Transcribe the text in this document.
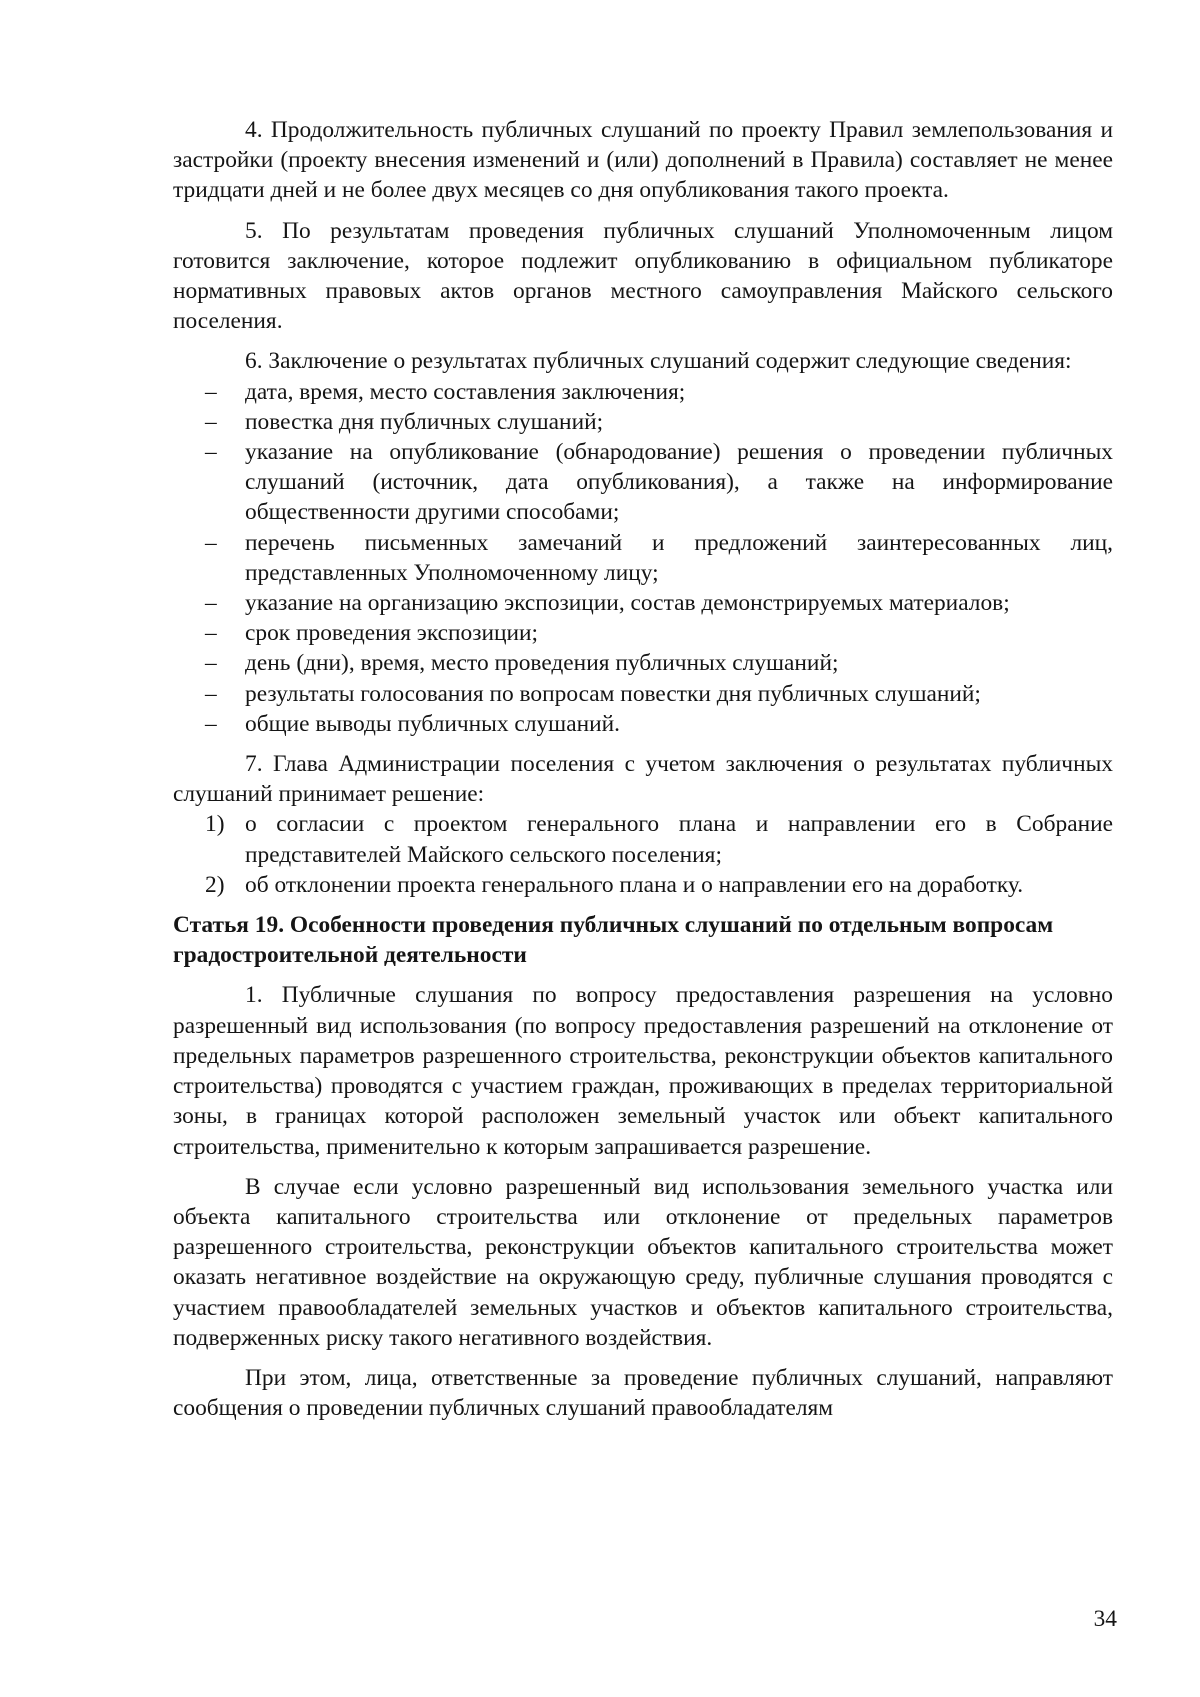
4. Продолжительность публичных слушаний по проекту Правил землепользования и застройки (проекту внесения изменений и (или) дополнений в Правила) составляет не менее тридцати дней и не более двух месяцев со дня опубликования такого проекта.

5. По результатам проведения публичных слушаний Уполномоченным лицом готовится заключение, которое подлежит опубликованию в официальном публикаторе нормативных правовых актов органов местного самоуправления Майского сельского поселения.

6. Заключение о результатах публичных слушаний содержит следующие сведения:

– дата, время, место составления заключения;
– повестка дня публичных слушаний;
– указание на опубликование (обнародование) решения о проведении публичных слушаний (источник, дата опубликования), а также на информирование общественности другими способами;
– перечень письменных замечаний и предложений заинтересованных лиц, представленных Уполномоченному лицу;
– указание на организацию экспозиции, состав демонстрируемых материалов;
– срок проведения экспозиции;
– день (дни), время, место проведения публичных слушаний;
– результаты голосования по вопросам повестки дня публичных слушаний;
– общие выводы публичных слушаний.

7. Глава Администрации поселения с учетом заключения о результатах публичных слушаний принимает решение:

1) о согласии с проектом генерального плана и направлении его в Собрание представителей Майского сельского поселения;
2) об отклонении проекта генерального плана и о направлении его на доработку.
Статья 19. Особенности проведения публичных слушаний по отдельным вопросам градостроительной деятельности

1. Публичные слушания по вопросу предоставления разрешения на условно разрешенный вид использования (по вопросу предоставления разрешений на отклонение от предельных параметров разрешенного строительства, реконструкции объектов капитального строительства) проводятся с участием граждан, проживающих в пределах территориальной зоны, в границах которой расположен земельный участок или объект капитального строительства, применительно к которым запрашивается разрешение.

В случае если условно разрешенный вид использования земельного участка или объекта капитального строительства или отклонение от предельных параметров разрешенного строительства, реконструкции объектов капитального строительства может оказать негативное воздействие на окружающую среду, публичные слушания проводятся с участием правообладателей земельных участков и объектов капитального строительства, подверженных риску такого негативного воздействия.

При этом, лица, ответственные за проведение публичных слушаний, направляют сообщения о проведении публичных слушаний правообладателям

34
